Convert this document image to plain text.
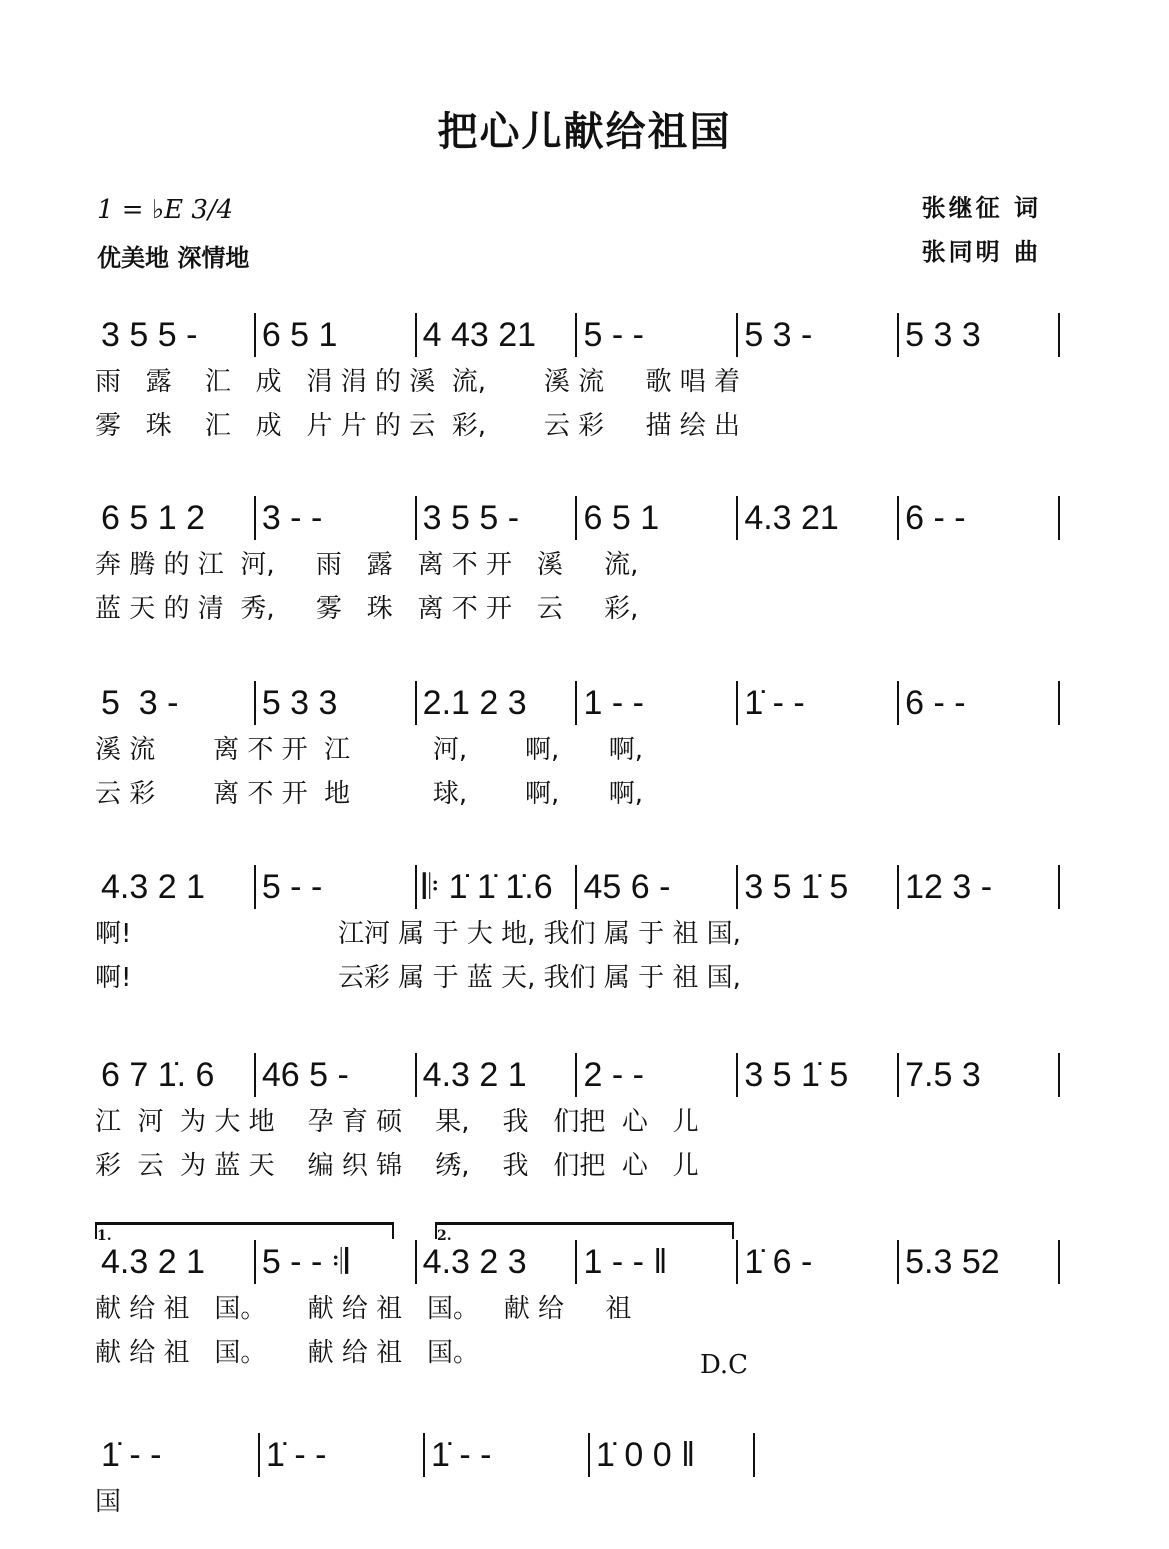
把心儿献给祖国
1 = ♭E 3/4
优美地 深情地
张继征 词
张同明 曲
3 5 5 -	6 5 1	4 43 21	5 - -	5 3 -	5 3 3
雨   露    汇   成   涓 涓 的 溪  流,       溪 流     歌 唱 着
雾   珠    汇   成   片 片 的 云  彩,       云 彩     描 绘 出
6 5 1 2	3 - -	3 5 5 -	6 5 1	4.3 21	6 - -
奔 腾 的 江  河,     雨   露   离 不 开   溪     流,
蓝 天 的 清  秀,     雾   珠   离 不 开   云     彩,
5  3 -	5 3 3	2.1 2 3	1 - -	1̇ - -	6 - -
溪 流       离 不 开  江          河,       啊,      啊,
云 彩       离 不 开  地          球,       啊,      啊,
4.3 2 1	5 - -	𝄆 1̇ 1̇ 1̇.6 45 6 -	3 5 1̇ 5	12 3 -
啊!                         江河 属 于 大 地, 我们 属 于 祖 国,
啊!                         云彩 属 于 蓝 天, 我们 属 于 祖 国,
6 7 1̇. 6	46 5 -	4.3 2 1	2 - -	3 5 1̇ 5	7.5 3
江  河  为 大 地    孕 育 硕    果,    我   们把  心   儿
彩  云  为 蓝 天    编 织 锦    绣,    我   们把  心   儿
4.3 2 1	5 - - 𝄇	4.3 2 3	1 - - ‖	1̇ 6 -	5.3 52
献 给 祖   国。     献 给 祖   国。   献 给     祖
献 给 祖   国。     献 给 祖   国。
1̇ - -	1̇ - -	1̇ - -	1̇ 0 0 ‖
国
1.	2.
D.C
